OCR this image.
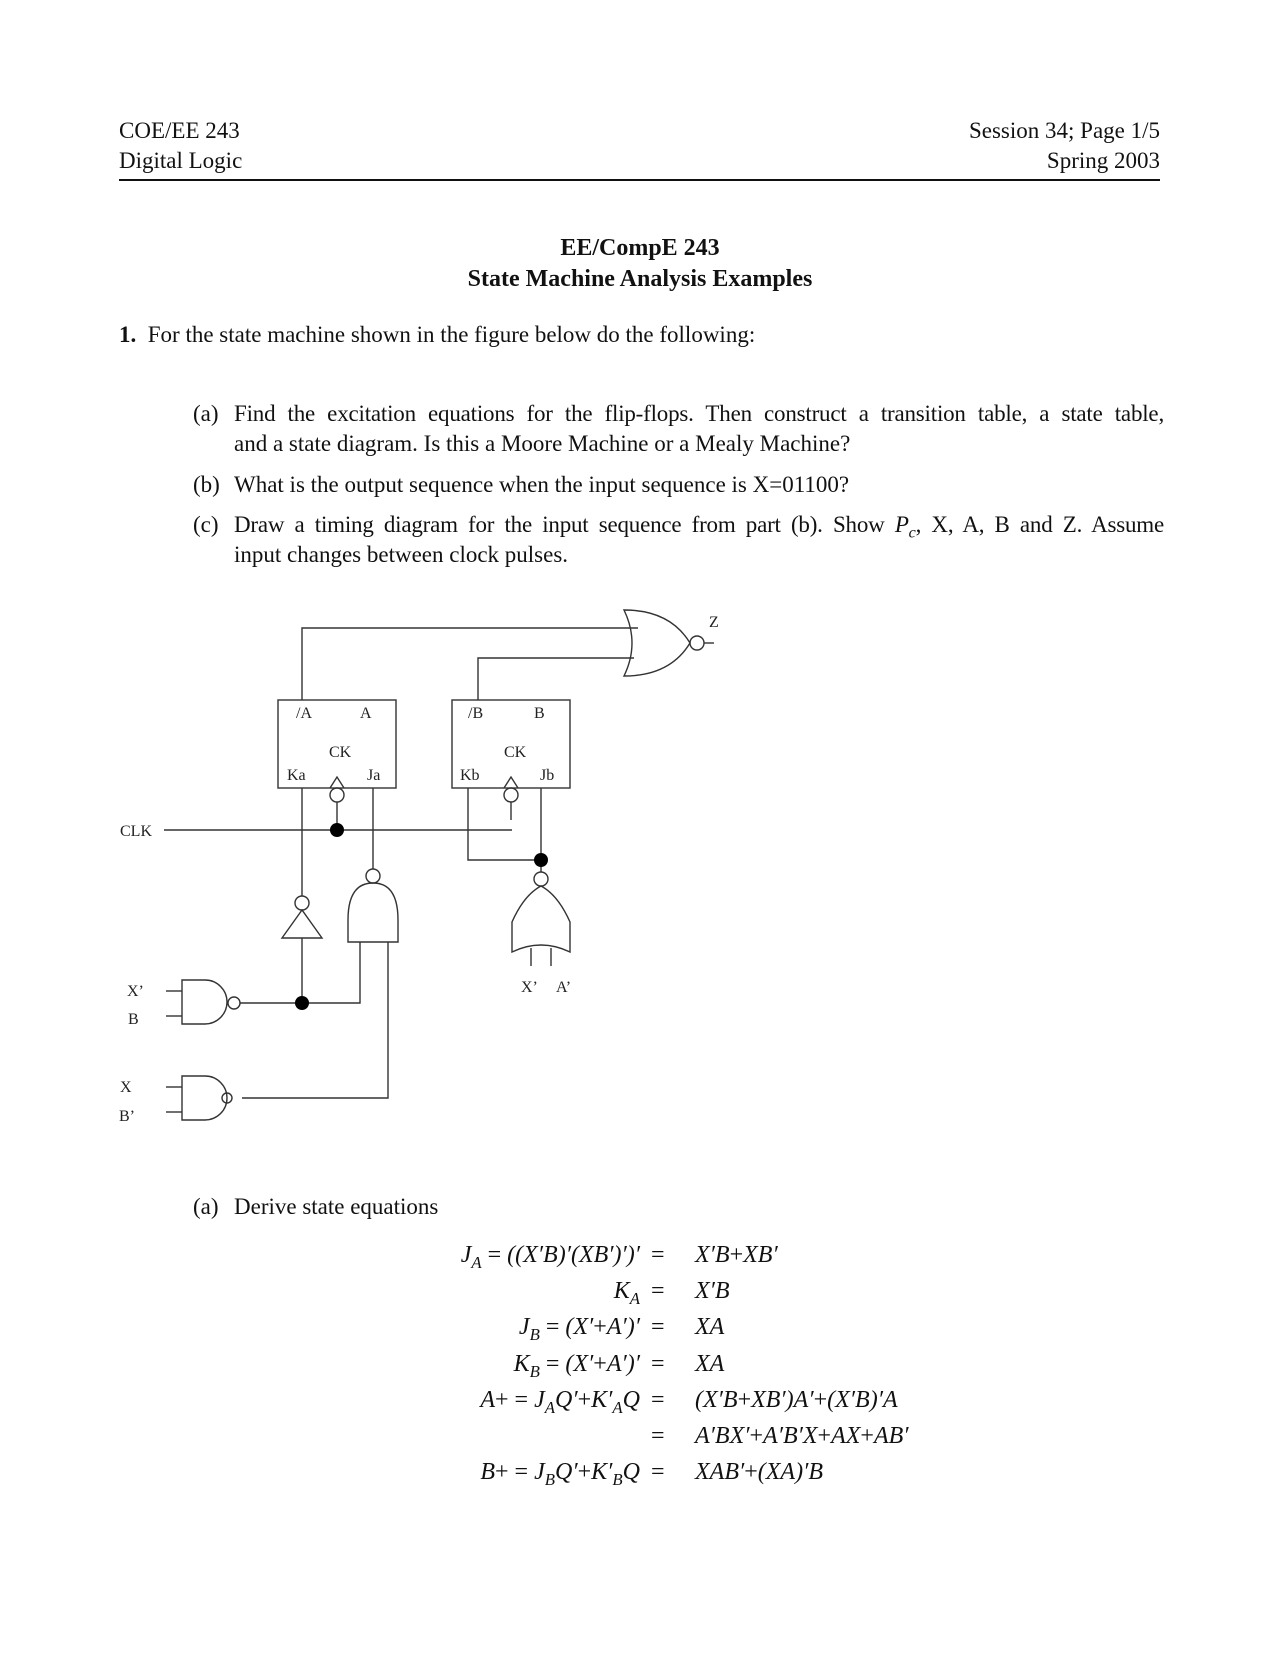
COE/EE 243
Digital Logic
Session 34; Page 1/5
Spring 2003
EE/CompE 243
State Machine Analysis Examples
1. For the state machine shown in the figure below do the following:
(a) Find the excitation equations for the flip-flops. Then construct a transition table, a state table,
and a state diagram. Is this a Moore Machine or a Mealy Machine?
(b) What is the output sequence when the input sequence is X=01100?
(c) Draw a timing diagram for the input sequence from part (b). Show $P_c$, X, A, B and Z. Assume
input changes between clock pulses.
/A	A
CK
Ka	Ja
/B	B
CK
Kb	Jb
Z
CLK
X’
B
X
B’
X’ A’
(a) Derive state equations
$J_A = ((X'B)'(XB')')' = X'B+XB'$
$K_A = X'B$
$J_B = (X'+A')'$ = XA
$K_B = (X'+A')'$ = XA
$A+ = J_AQ'+K'_AQ = (X'B+XB')A'+(X'B)'A$
= A′BX′+A′B′X+AX+AB′
$B+ = J_BQ'+K'_BQ = XAB'+(XA)'B$
